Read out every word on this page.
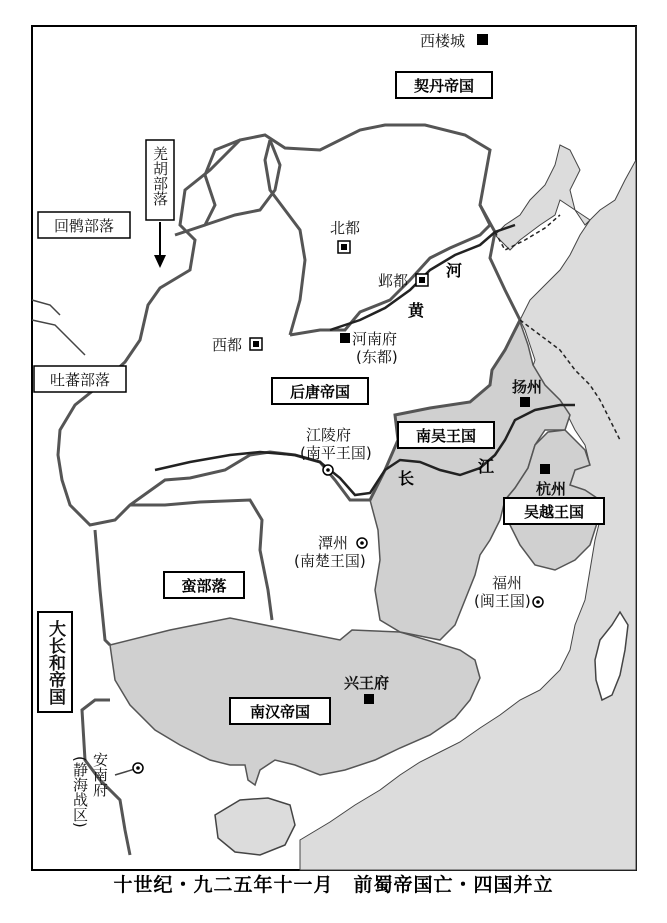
契丹帝国
后唐帝国
南吴王国
吴越王国
南汉帝国
蛮部落
大长和帝国
回鹘部落
吐蕃部落
羌胡部落
西楼城
北都
邺都
西都	河南府
(东都)
江陵府
(南平王国)
潭州
(南楚王国)
福州
(闽王国)
扬州
杭州
兴王府
安南府
(静海战区)
河
黄
长
江
十世纪・九二五年十一月　前蜀帝国亡・四国并立
